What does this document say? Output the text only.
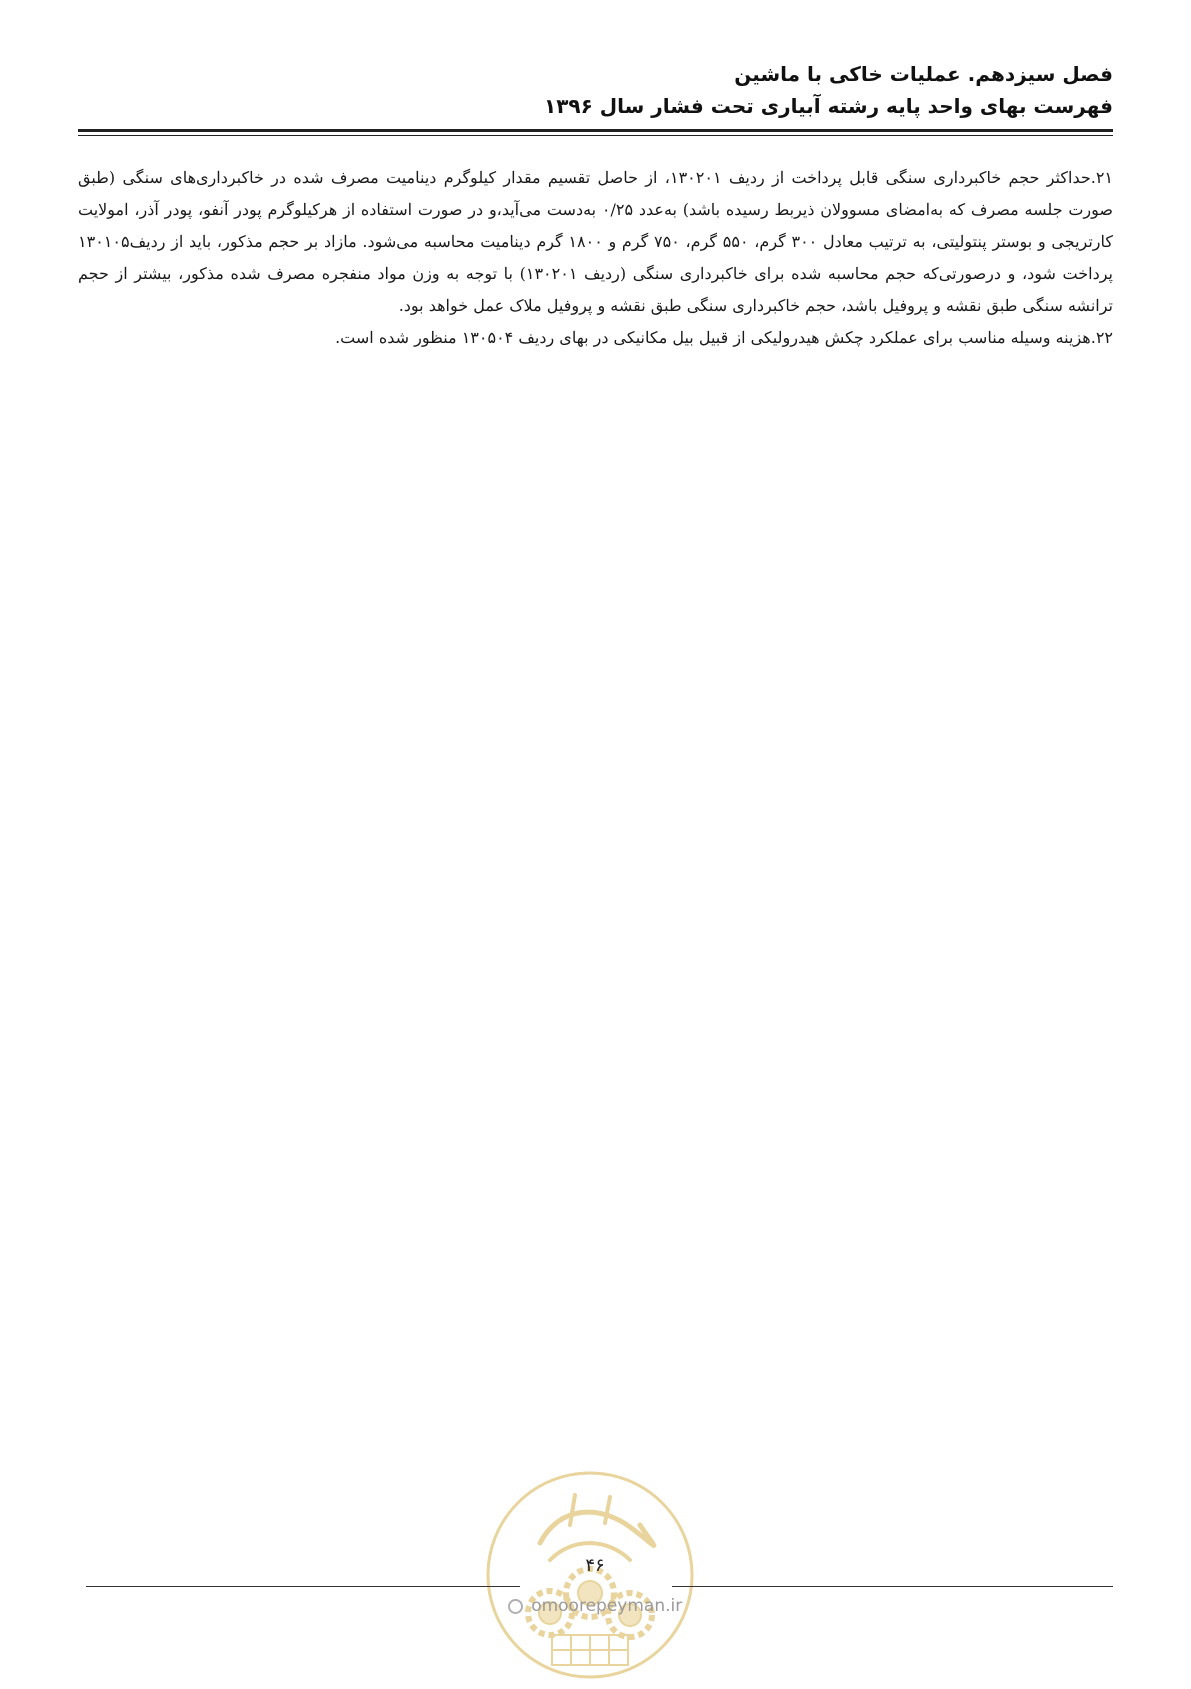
فصل سیزدهم. عملیات خاکی با ماشین
فهرست بهای واحد پایه رشته آبیاری تحت فشار سال ۱۳۹۶

۲۱.حداکثر حجم خاکبرداری سنگی قابل پرداخت از ردیف ۱۳۰۲۰۱، از حاصل تقسیم مقدار کیلوگرم دینامیت مصرف شده در خاکبرداری‌های سنگی (طبق صورت جلسه مصرف که به‌امضای مسوولان ذیربط رسیده باشد) به‌عدد ۰/۲۵ به‌دست می‌آید،و در صورت استفاده از هرکیلوگرم پودر آنفو، پودر آذر، امولایت کارتریجی و بوستر پنتولیتی، به ترتیب معادل ۳۰۰ گرم، ۵۵۰ گرم، ۷۵۰ گرم و ۱۸۰۰ گرم دینامیت محاسبه می‌شود. مازاد بر حجم مذکور، باید از ردیف۱۳۰۱۰۵ پرداخت شود، و درصورتی‌که حجم محاسبه شده برای خاکبرداری سنگی (ردیف ۱۳۰۲۰۱) با توجه به وزن مواد منفجره مصرف شده مذکور، بیشتر از حجم ترانشه سنگی طبق نقشه و پروفیل باشد، حجم خاکبرداری سنگی طبق نقشه و پروفیل ملاک عمل خواهد بود.

۲۲.هزینه وسیله مناسب برای عملکرد چکش هیدرولیکی از قبیل بیل مکانیکی در بهای ردیف ۱۳۰۵۰۴ منظور شده است.

۴۶
omoorepeyman.ir
